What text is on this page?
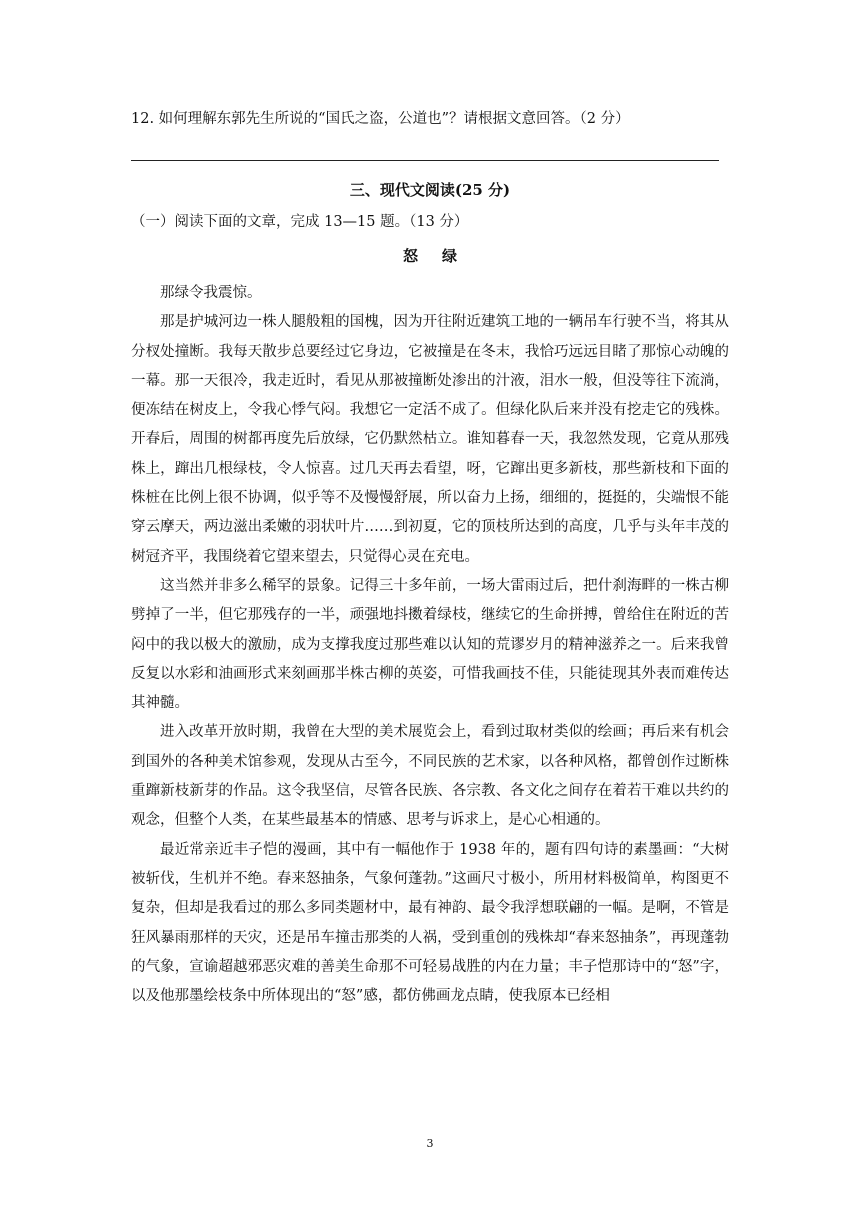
12. 如何理解东郭先生所说的“国氏之盗，公道也”？请根据文意回答。（2 分）
三、现代文阅读(25 分)
（一）阅读下面的文章，完成 13—15 题。（13 分）
怒绿

那绿令我震惊。

那是护城河边一株人腿般粗的国槐，因为开往附近建筑工地的一辆吊车行驶不当，将其从分杈处撞断。我每天散步总要经过它身边，它被撞是在冬末，我恰巧远远目睹了那惊心动魄的一幕。那一天很冷，我走近时，看见从那被撞断处渗出的汁液，泪水一般，但没等往下流淌，便冻结在树皮上，令我心悸气闷。我想它一定活不成了。但绿化队后来并没有挖走它的残株。开春后，周围的树都再度先后放绿，它仍默然枯立。谁知暮春一天，我忽然发现，它竟从那残株上，蹿出几根绿枝，令人惊喜。过几天再去看望，呀，它蹿出更多新枝，那些新枝和下面的株桩在比例上很不协调，似乎等不及慢慢舒展，所以奋力上扬，细细的，挺挺的，尖端恨不能穿云摩天，两边滋出柔嫩的羽状叶片……到初夏，它的顶枝所达到的高度，几乎与头年丰茂的树冠齐平，我围绕着它望来望去，只觉得心灵在充电。

这当然并非多么稀罕的景象。记得三十多年前，一场大雷雨过后，把什刹海畔的一株古柳劈掉了一半，但它那残存的一半，顽强地抖擞着绿枝，继续它的生命拼搏，曾给住在附近的苦闷中的我以极大的激励，成为支撑我度过那些难以认知的荒谬岁月的精神滋养之一。后来我曾反复以水彩和油画形式来刻画那半株古柳的英姿，可惜我画技不佳，只能徒现其外表而难传达其神髓。

进入改革开放时期，我曾在大型的美术展览会上，看到过取材类似的绘画；再后来有机会到国外的各种美术馆参观，发现从古至今，不同民族的艺术家，以各种风格，都曾创作过断株重蹿新枝新芽的作品。这令我坚信，尽管各民族、各宗教、各文化之间存在着若干难以共约的观念，但整个人类，在某些最基本的情感、思考与诉求上，是心心相通的。

最近常亲近丰子恺的漫画，其中有一幅他作于 1938 年的，题有四句诗的素墨画：“大树被斩伐，生机并不绝。春来怒抽条，气象何蓬勃。”这画尺寸极小，所用材料极简单，构图更不复杂，但却是我看过的那么多同类题材中，最有神韵、最令我浮想联翩的一幅。是啊，不管是狂风暴雨那样的天灾，还是吊车撞击那类的人祸，受到重创的残株却“春来怒抽条”，再现蓬勃的气象，宣谕超越邪恶灾难的善美生命那不可轻易战胜的内在力量；丰子恺那诗中的“怒”字，以及他那墨绘枝条中所体现出的“怒”感，都仿佛画龙点睛，使我原本已经相

3
